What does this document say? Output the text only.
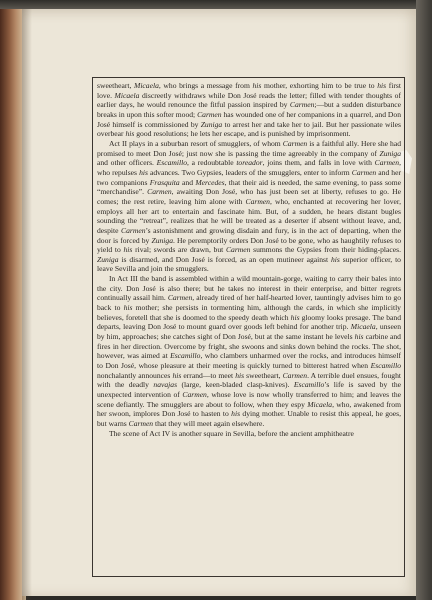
sweetheart, Micaela, who brings a message from his mother, exhorting him to be true to his first love. Micaela discreetly withdraws while Don José reads the letter; filled with tender thoughts of earlier days, he would renounce the fitful passion inspired by Carmen;—but a sudden disturbance breaks in upon this softer mood; Carmen has wounded one of her companions in a quarrel, and Don José himself is commissioned by Zuniga to arrest her and take her to jail. But her passionate wiles overbear his good resolutions; he lets her escape, and is punished by imprisonment.

Act II plays in a suburban resort of smugglers, of whom Carmen is a faithful ally. Here she had promised to meet Don José; just now she is passing the time agreeably in the company of Zuniga and other officers. Escamillo, a redoubtable toreador, joins them, and falls in love with Carmen, who repulses his advances. Two Gypsies, leaders of the smugglers, enter to inform Carmen and her two companions Frasquita and Mercedes, that their aid is needed, the same evening, to pass some “merchandise”. Carmen, awaiting Don José, who has just been set at liberty, refuses to go. He comes; the rest retire, leaving him alone with Carmen, who, enchanted at recovering her lover, employs all her art to entertain and fascinate him. But, of a sudden, he hears distant bugles sounding the “retreat”, realizes that he will be treated as a deserter if absent without leave, and, despite Carmen’s astonishment and growing disdain and fury, is in the act of departing, when the door is forced by Zuniga. He peremptorily orders Don José to be gone, who as haughtily refuses to yield to his rival; swords are drawn, but Carmen summons the Gypsies from their hiding-places. Zuniga is disarmed, and Don José is forced, as an open mutineer against his superior officer, to leave Sevilla and join the smugglers.

In Act III the band is assembled within a wild mountain-gorge, waiting to carry their bales into the city. Don José is also there; but he takes no interest in their enterprise, and bitter regrets continually assail him. Carmen, already tired of her half-hearted lover, tauntingly advises him to go back to his mother; she persists in tormenting him, although the cards, in which she implicitly believes, foretell that she is doomed to the speedy death which his gloomy looks presage. The band departs, leaving Don José to mount guard over goods left behind for another trip. Micaela, unseen by him, approaches; she catches sight of Don José, but at the same instant he levels his carbine and fires in her direction. Overcome by fright, she swoons and sinks down behind the rocks. The shot, however, was aimed at Escamillo, who clambers unharmed over the rocks, and introduces himself to Don José, whose pleasure at their meeting is quickly turned to bitterest hatred when Escamillo nonchalantly announces his errand—to meet his sweetheart, Carmen. A terrible duel ensues, fought with the deadly navajas (large, keen-bladed clasp-knives). Escamillo’s life is saved by the unexpected intervention of Carmen, whose love is now wholly transferred to him; and leaves the scene defiantly. The smugglers are about to follow, when they espy Micaela, who, awakened from her swoon, implores Don José to hasten to his dying mother. Unable to resist this appeal, he goes, but warns Carmen that they will meet again elsewhere.

The scene of Act IV is another square in Sevilla, before the ancient amphitheatre
